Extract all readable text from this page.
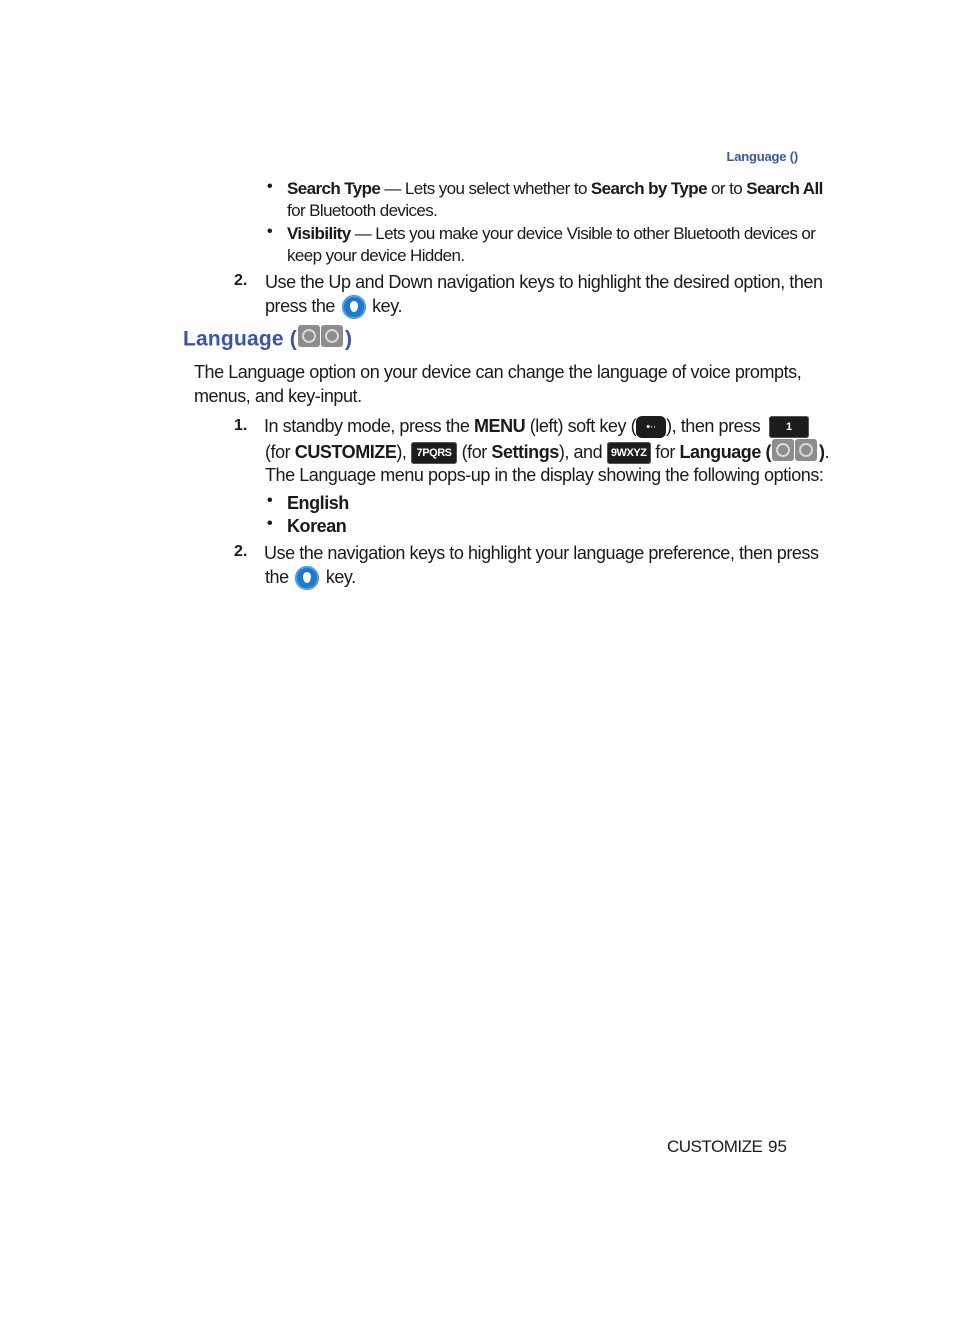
Language ()
• Search Type — Lets you select whether to Search by Type or to Search All
for Bluetooth devices.
• Visibility — Lets you make your device Visible to other Bluetooth devices or
keep your device Hidden.
2. Use the Up and Down navigation keys to highlight the desired option, then
press the key.
Language ( )
The Language option on your device can change the language of voice prompts,
menus, and key-input.
1. In standby mode, press the MENU (left) soft key ( •·· ), then press 1
(for CUSTOMIZE), 7PQRS (for Settings), and 9WXYZ for Language (	).
The Language menu pops-up in the display showing the following options:
• English
• Korean
2. Use the navigation keys to highlight your language preference, then press
the key.
CUSTOMIZE 95
